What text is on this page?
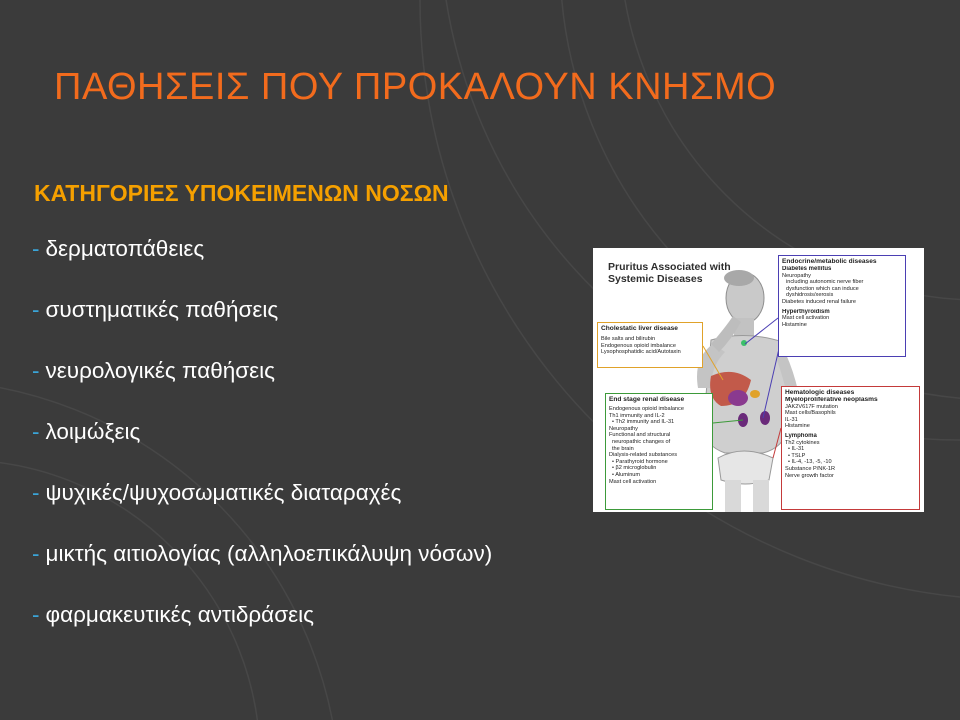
ΠΑΘΗΣΕΙΣ ΠΟΥ ΠΡΟΚΑΛΟΥΝ ΚΝΗΣΜΟ
ΚΑΤΗΓΟΡΙΕΣ ΥΠΟΚΕΙΜΕΝΩΝ ΝΟΣΩΝ
- δερματοπάθειες
- συστηματικές παθήσεις
- νευρολογικές παθήσεις
- λοιμώξεις
- ψυχικές/ψυχοσωματικές διαταραχές
- μικτής αιτιολογίας (αλληλοεπικάλυψη νόσων)
- φαρμακευτικές αντιδράσεις
Pruritus Associated with Systemic Diseases
Endocrine/metabolic diseases
Diabetes mellitus
Neuropathy
including autonomic nerve fiber
dysfunction which can induce
dyshidrosis/xerosis
Diabetes induced renal failure
Hyperthyroidism
Mast cell activation
Histamine
Cholestatic liver disease
Bile salts and bilirubin
Endogenous opioid imbalance
Lysophosphatidic acid/Autotaxin
End stage renal disease
Endogenous opioid imbalance
Th1 immunity and IL-2
• Th2 immunity and IL-31
Neuropathy
Functional and structural
neuropathic changes of
the brain
Dialysis-related substances
• Parathyroid hormone
• β2 microglobulin
• Aluminum
Mast cell activation
Hematologic diseases
Myeloproliferative neoplasms
JAK2V617F mutation
Mast cells/Basophils
IL-31
Histamine
Lymphoma
Th2 cytokines
• IL-31
• TSLP
• IL-4, -13, -5, -10
Substance P/NK-1R
Nerve growth factor
